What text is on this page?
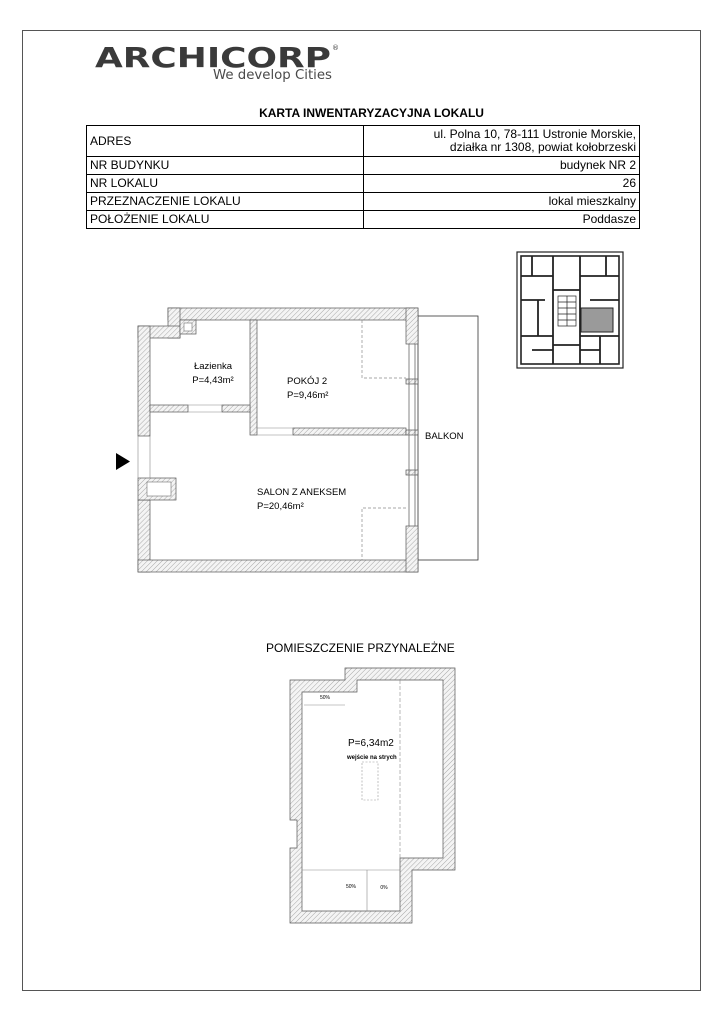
ARCHICORP ®
We develop Cities
KARTA INWENTARYZACYJNA LOKALU
ADRES	ul. Polna 10, 78-111 Ustronie Morskie,
działka nr 1308, powiat kołobrzeski

NR BUDYNKU	budynek NR 2
NR LOKALU	26
PRZEZNACZENIE LOKALU	lokal mieszkalny
POŁOŻENIE LOKALU	Poddasze
Łazienka
P=4,43m²	POKÓJ 2
P=9,46m²
SALON Z ANEKSEM
P=20,46m²
BALKON
POMIESZCZENIE PRZYNALEŻNE
50%
P=6,34m2
wejście na strych
50%	0%
